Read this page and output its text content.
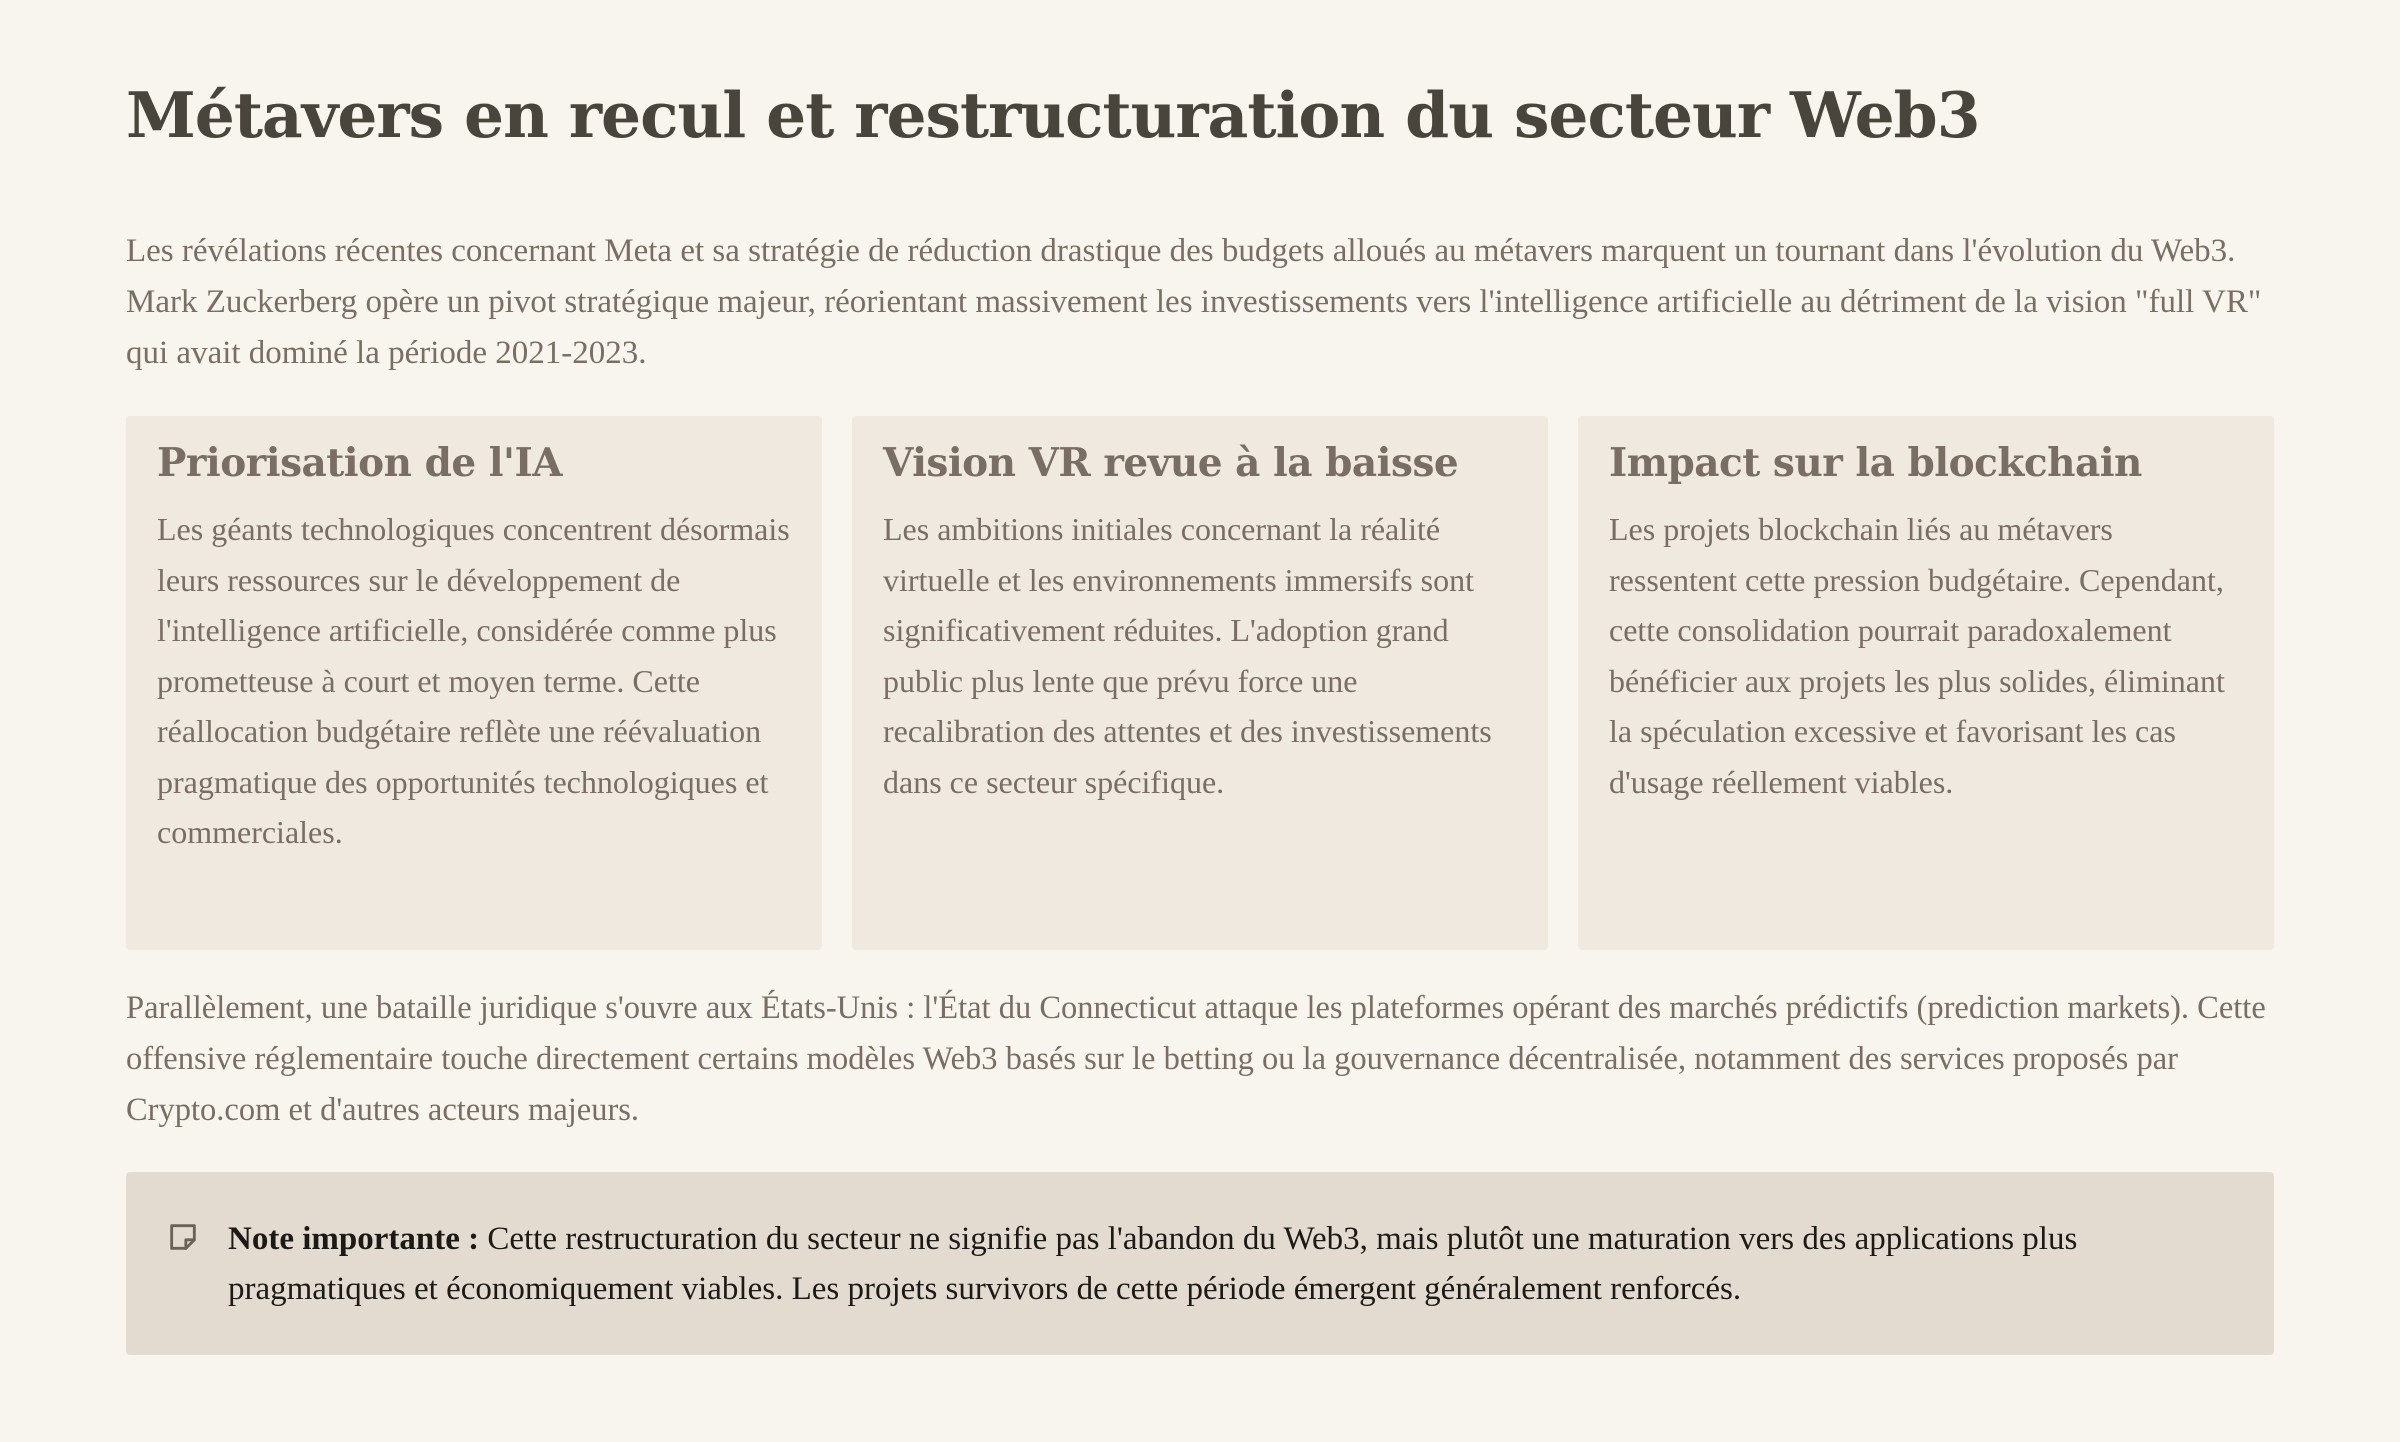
Métavers en recul et restructuration du secteur Web3

Les révélations récentes concernant Meta et sa stratégie de réduction drastique des budgets alloués au métavers marquent un tournant dans l'évolution du Web3. Mark Zuckerberg opère un pivot stratégique majeur, réorientant massivement les investissements vers l'intelligence artificielle au détriment de la vision "full VR" qui avait dominé la période 2021-2023.

Priorisation de l'IA
Les géants technologiques concentrent désormais leurs ressources sur le développement de l'intelligence artificielle, considérée comme plus prometteuse à court et moyen terme. Cette réallocation budgétaire reflète une réévaluation pragmatique des opportunités technologiques et commerciales.
Vision VR revue à la baisse
Les ambitions initiales concernant la réalité virtuelle et les environnements immersifs sont significativement réduites. L'adoption grand public plus lente que prévu force une recalibration des attentes et des investissements dans ce secteur spécifique.
Impact sur la blockchain
Les projets blockchain liés au métavers ressentent cette pression budgétaire. Cependant, cette consolidation pourrait paradoxalement bénéficier aux projets les plus solides, éliminant la spéculation excessive et favorisant les cas d'usage réellement viables.

Parallèlement, une bataille juridique s'ouvre aux États-Unis : l'État du Connecticut attaque les plateformes opérant des marchés prédictifs (prediction markets). Cette offensive réglementaire touche directement certains modèles Web3 basés sur le betting ou la gouvernance décentralisée, notamment des services proposés par Crypto.com et d'autres acteurs majeurs.

Note importante : Cette restructuration du secteur ne signifie pas l'abandon du Web3, mais plutôt une maturation vers des applications plus pragmatiques et économiquement viables. Les projets survivors de cette période émergent généralement renforcés.
